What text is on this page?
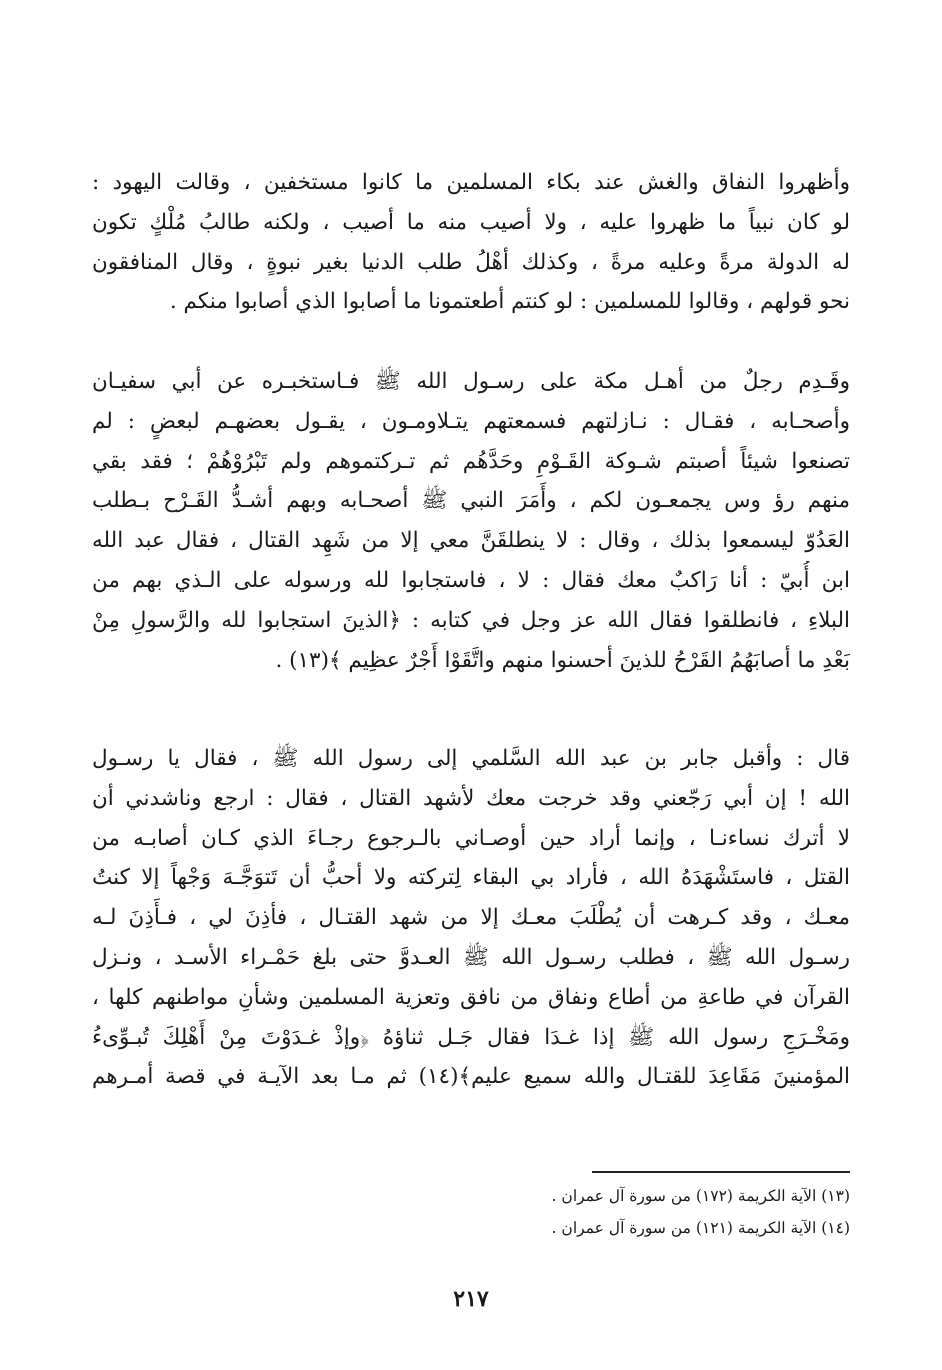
وأظهروا النفاق والغش عند بكاء المسلمين ما كانوا مستخفين ، وقالت اليهود :
لو كان نبياً ما ظهروا عليه ، ولا أصيب منه ما أصيب ، ولكنه طالبُ مُلْكٍ تكون
له الدولة مرةً وعليه مرةً ، وكذلك أهْلُ طلب الدنيا بغير نبوةٍ ، وقال المنافقون
نحو قولهم ، وقالوا للمسلمين : لو كنتم أطعتمونا ما أصابوا الذي أصابوا منكم .
وقَـدِم رجلٌ من أهـل مكة على رسـول الله ﷺ فـاستخبـره عن أبي سفيـان
وأصحـابه ، فقـال : نـازلتهم فسمعتهم يتـلاومـون ، يقـول بعضهـم لبعضٍ : لم
تصنعوا شيئاً أصبتم شـوكة القَـوْمِ وحَدَّهُم ثم تـركتموهم ولم تَبْرُوْهُمْ ؛ فقد بقي
منهم رؤ وس يجمعـون لكم ، وأَمَرَ النبي ﷺ أصحـابه وبهم أشـدُّ القَـرْح بـطلب
العَدُوّ ليسمعوا بذلك ، وقال : لا ينطلقَنَّ معي إلا من شَهِد القتال ، فقال عبد الله
ابن أُبيّ : أنا رَاكبٌ معك فقال : لا ، فاستجابوا لله ورسوله على الـذي بهم من
البلاءِ ، فانطلقوا فقال الله عز وجل في كتابه : ﴿الذينَ استجابوا لله والرَّسولِ مِنْ
بَعْدِ ما أصابَهُمُ القَرْحُ للذينَ أحسنوا منهم واتَّقَوْا أَجْرٌ عظِيم ﴾(١٣) .
قال : وأقبل جابر بن عبد الله السَّلمي إلى رسول الله ﷺ ، فقال يا رسـول
الله ! إن أبي رَجّعني وقد خرجت معك لأشهد القتال ، فقال : ارجع وناشدني أن
لا أترك نساءنـا ، وإنما أراد حين أوصـاني بالـرجوع رجـاءَ الذي كـان أصابـه من
القتل ، فاستَشْهَدَهُ الله ، فأراد بي البقاء لِتركته ولا أحبُّ أن تَتوَجَّـهَ وَجْهاً إلا كنتُ
معـك ، وقد كـرهت أن يُطْلَبَ معـك إلا من شهد القتـال ، فأذِنَ لي ، فـأَذِنَ لـه
رسـول الله ﷺ ، فطلب رسـول الله ﷺ العـدوَّ حتى بلغ حَمْـراء الأسـد ، ونـزل
القرآن في طاعةِ من أطاع ونفاق من نافق وتعزية المسلمين وشأنِ مواطنهم كلها ،
ومَخْـرَجِ رسول الله ﷺ إذا غـدَا فقال جَـل ثناؤهُ ﴿وإذْ غـدَوْتَ مِنْ أَهْلِكَ تُبـوِّىءُ
المؤمنينَ مَقَاعِدَ للقتـال والله سميع عليم﴾(١٤) ثم مـا بعد الآيـة في قصة أمـرهم
(١٣) الآية الكريمة (١٧٢) من سورة آل عمران .
(١٤) الآية الكريمة (١٢١) من سورة آل عمران .
٢١٧
